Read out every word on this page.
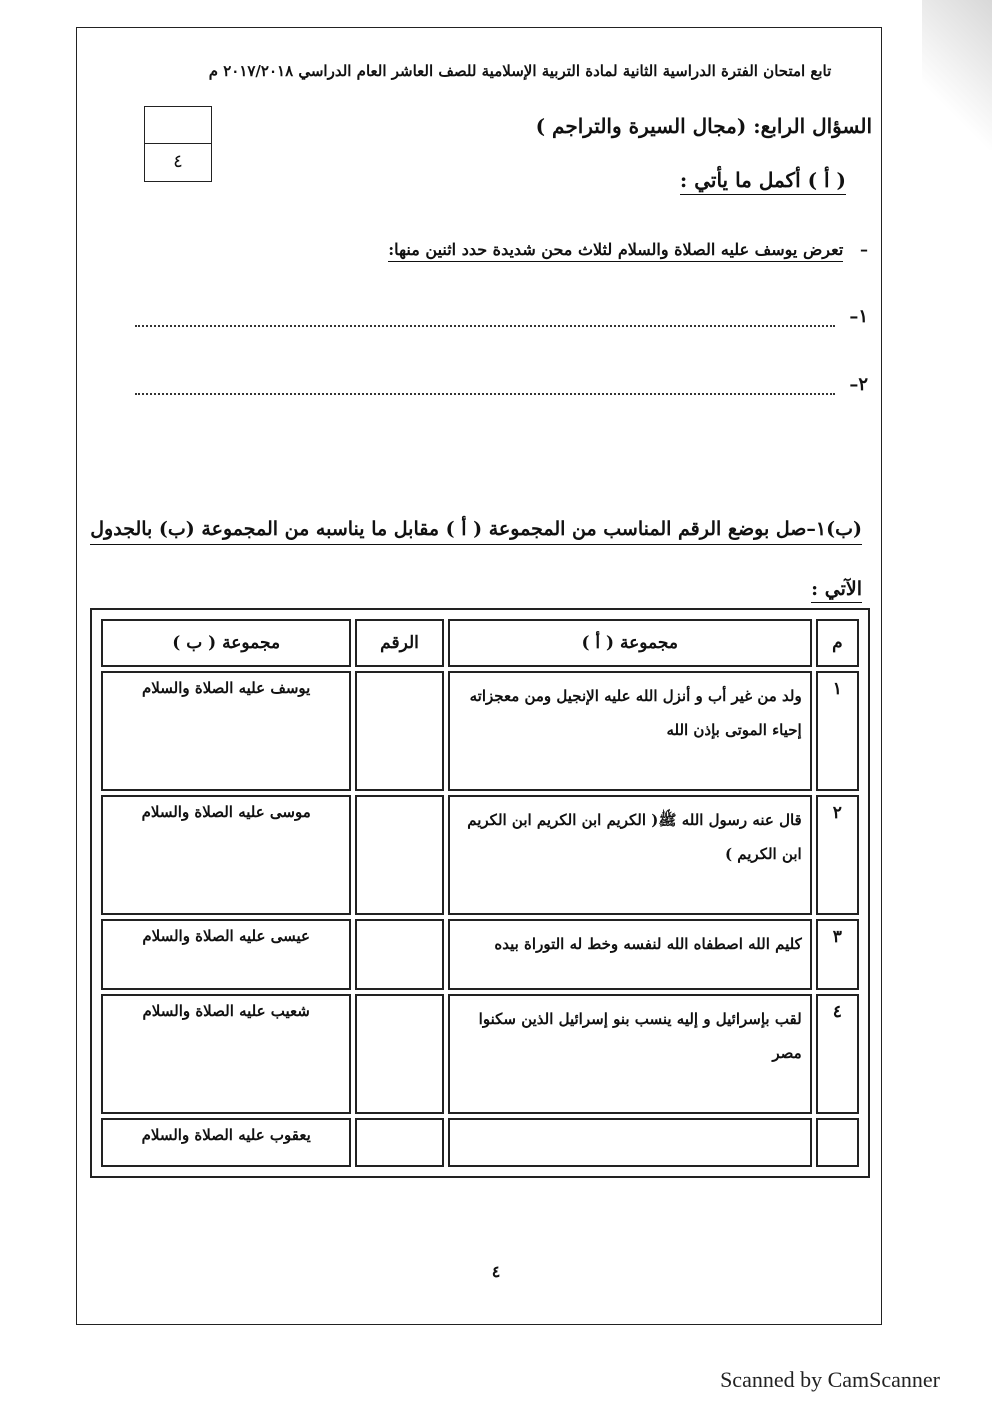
تابع امتحان الفترة الدراسية الثانية لمادة التربية الإسلامية للصف العاشر العام الدراسي ٢٠١٧/٢٠١٨ م
٤
السؤال الرابع: (مجال السيرة والتراجم )
( أ ) أكمل ما يأتي :
–   تعرض يوسف عليه الصلاة والسلام لثلاث محن شديدة حدد اثنين منها:
١–
٢–
(ب)١–صل بوضع الرقم المناسب من المجموعة ( أ ) مقابل ما يناسبه من المجموعة (ب) بالجدول
الآتي :
م	مجموعة ( أ )	الرقم	مجموعة ( ب )
١	ولد من غير أب و أنزل الله عليه الإنجيل ومن معجزاته إحياء الموتى بإذن الله		يوسف عليه الصلاة والسلام
٢	قال عنه رسول الله ﷺ( الكريم ابن الكريم ابن الكريم ابن الكريم )		موسى عليه الصلاة والسلام
٣	كليم الله اصطفاه الله لنفسه وخط له التوراة بيده		عيسى عليه الصلاة والسلام
٤	لقب بإسرائيل و إليه ينسب بنو إسرائيل الذين سكنوا مصر		شعيب عليه الصلاة والسلام
			يعقوب عليه الصلاة والسلام
٤
Scanned by CamScanner
